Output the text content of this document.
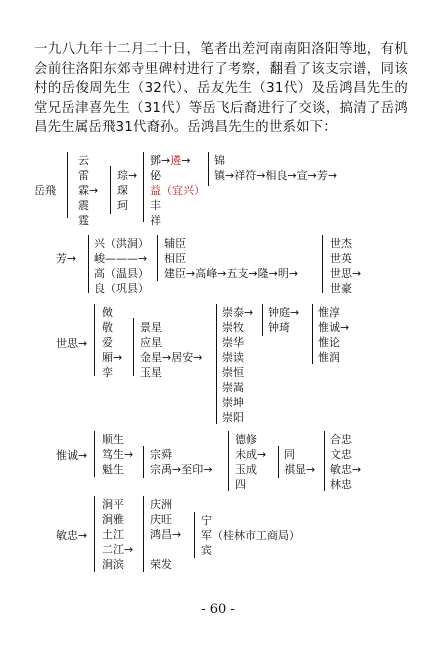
一九八九年十二月二十日，笔者出差河南南阳洛阳等地，有机会前往洛阳东郊寺里碑村进行了考察，翻看了该支宗谱，同该村的岳俊周先生（32代）、岳友先生（31代）及岳鸿昌先生的堂兄岳津喜先生（31代）等岳飞后裔进行了交谈，搞清了岳鸿昌先生属岳飛31代裔孙。岳鸿昌先生的世系如下：
岳飛
云
雷
霖→
震
霆
琮→
琛
珂
鄧→遴→
佖
益（宜兴）
丰
祥
锦
镇→祥符→相良→宣→芳→
芳→
兴（洪洞）
峻———→
高（温县）
良（巩县）
辅臣
相臣
建臣→高峰→五支→隆→明→
世杰
世英
世思→
世豪
世思→
傚
敬
爱
厢→
孪
景星
应星
金星→居安→
玉星
崇泰→
崇牧
崇华
崇读
崇恒
崇嵩
崇坤
崇阳
钟庭→
钟琦
惟淳
惟诚→
惟论
惟润
惟诚→
顺生
笃生→
魁生
宗舜
宗禹→至印→
德修
未成→
玉成
四
同
祺显→
合忠
文忠
敏忠→
林忠
敏忠→
涧平
涧雅
土江
二江→
涧滨
庆洲
庆旺
鸿昌→
荣发
宁
军（桂林市工商局）
宾
- 60 -
